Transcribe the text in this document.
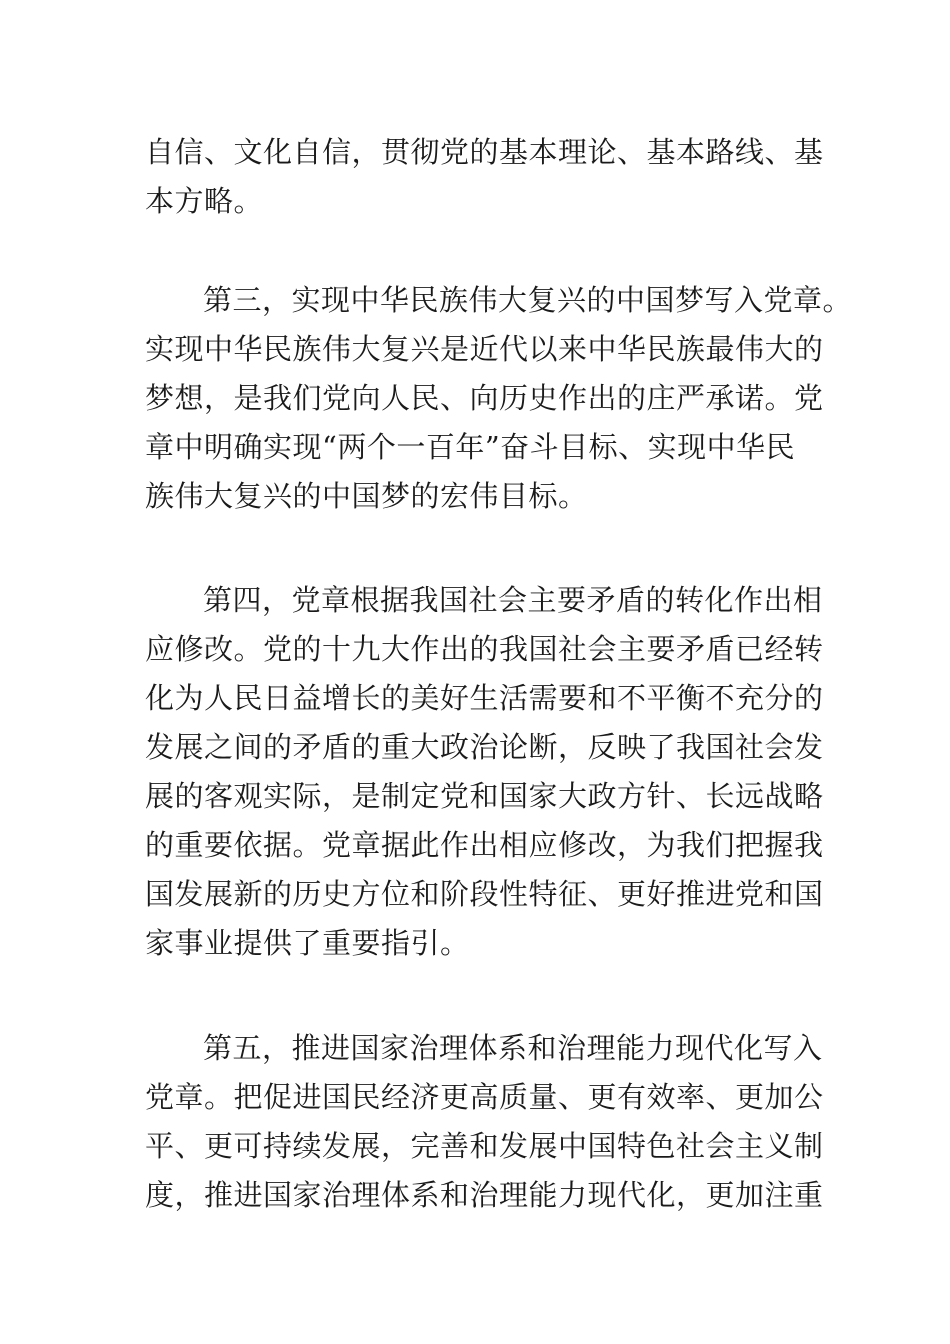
自信、文化自信，贯彻党的基本理论、基本路线、基
本方略。
第三，实现中华民族伟大复兴的中国梦写入党章。
实现中华民族伟大复兴是近代以来中华民族最伟大的
梦想，是我们党向人民、向历史作出的庄严承诺。党
章中明确实现“两个一百年”奋斗目标、实现中华民
族伟大复兴的中国梦的宏伟目标。
第四，党章根据我国社会主要矛盾的转化作出相
应修改。党的十九大作出的我国社会主要矛盾已经转
化为人民日益增长的美好生活需要和不平衡不充分的
发展之间的矛盾的重大政治论断，反映了我国社会发
展的客观实际，是制定党和国家大政方针、长远战略
的重要依据。党章据此作出相应修改，为我们把握我
国发展新的历史方位和阶段性特征、更好推进党和国
家事业提供了重要指引。
第五，推进国家治理体系和治理能力现代化写入
党章。把促进国民经济更高质量、更有效率、更加公
平、更可持续发展，完善和发展中国特色社会主义制
度，推进国家治理体系和治理能力现代化，更加注重
